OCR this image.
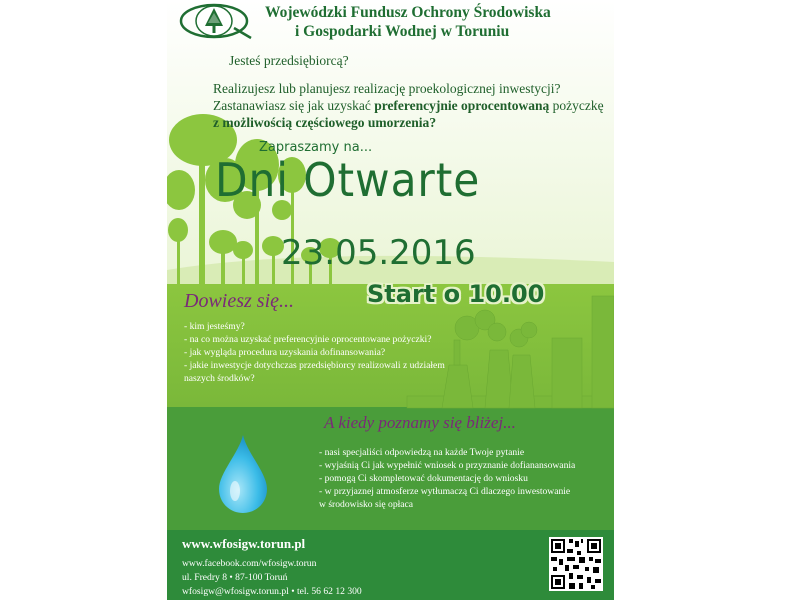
Wojewódzki Fundusz Ochrony Środowiska
i Gospodarki Wodnej w Toruniu
Jesteś przedsiębiorcą?
Realizujesz lub planujesz realizację proekologicznej inwestycji?
Zastanawiasz się jak uzyskać preferencyjnie oprocentowaną pożyczkę
z możliwością częściowego umorzenia?
Zapraszamy na...
Dni Otwarte
23.05.2016
Start o 10.00
Dowiesz się...
- kim jesteśmy?
- na co można uzyskać preferencyjnie oprocentowane pożyczki?
- jak wygląda procedura uzyskania dofinansowania?
- jakie inwestycje dotychczas przedsiębiorcy realizowali z udziałem
naszych środków?
A kiedy poznamy się bliżej...
- nasi specjaliści odpowiedzą na każde Twoje pytanie
- wyjaśnią Ci jak wypełnić wniosek o przyznanie dofianansowania
- pomogą Ci skompletować dokumentację do wniosku
- w przyjaznej atmosferze wytłumaczą Ci dlaczego inwestowanie
w środowisko się opłaca
www.wfosigw.torun.pl
www.facebook.com/wfosigw.torun
ul. Fredry 8 • 87-100 Toruń
wfosigw@wfosigw.torun.pl • tel. 56 62 12 300
